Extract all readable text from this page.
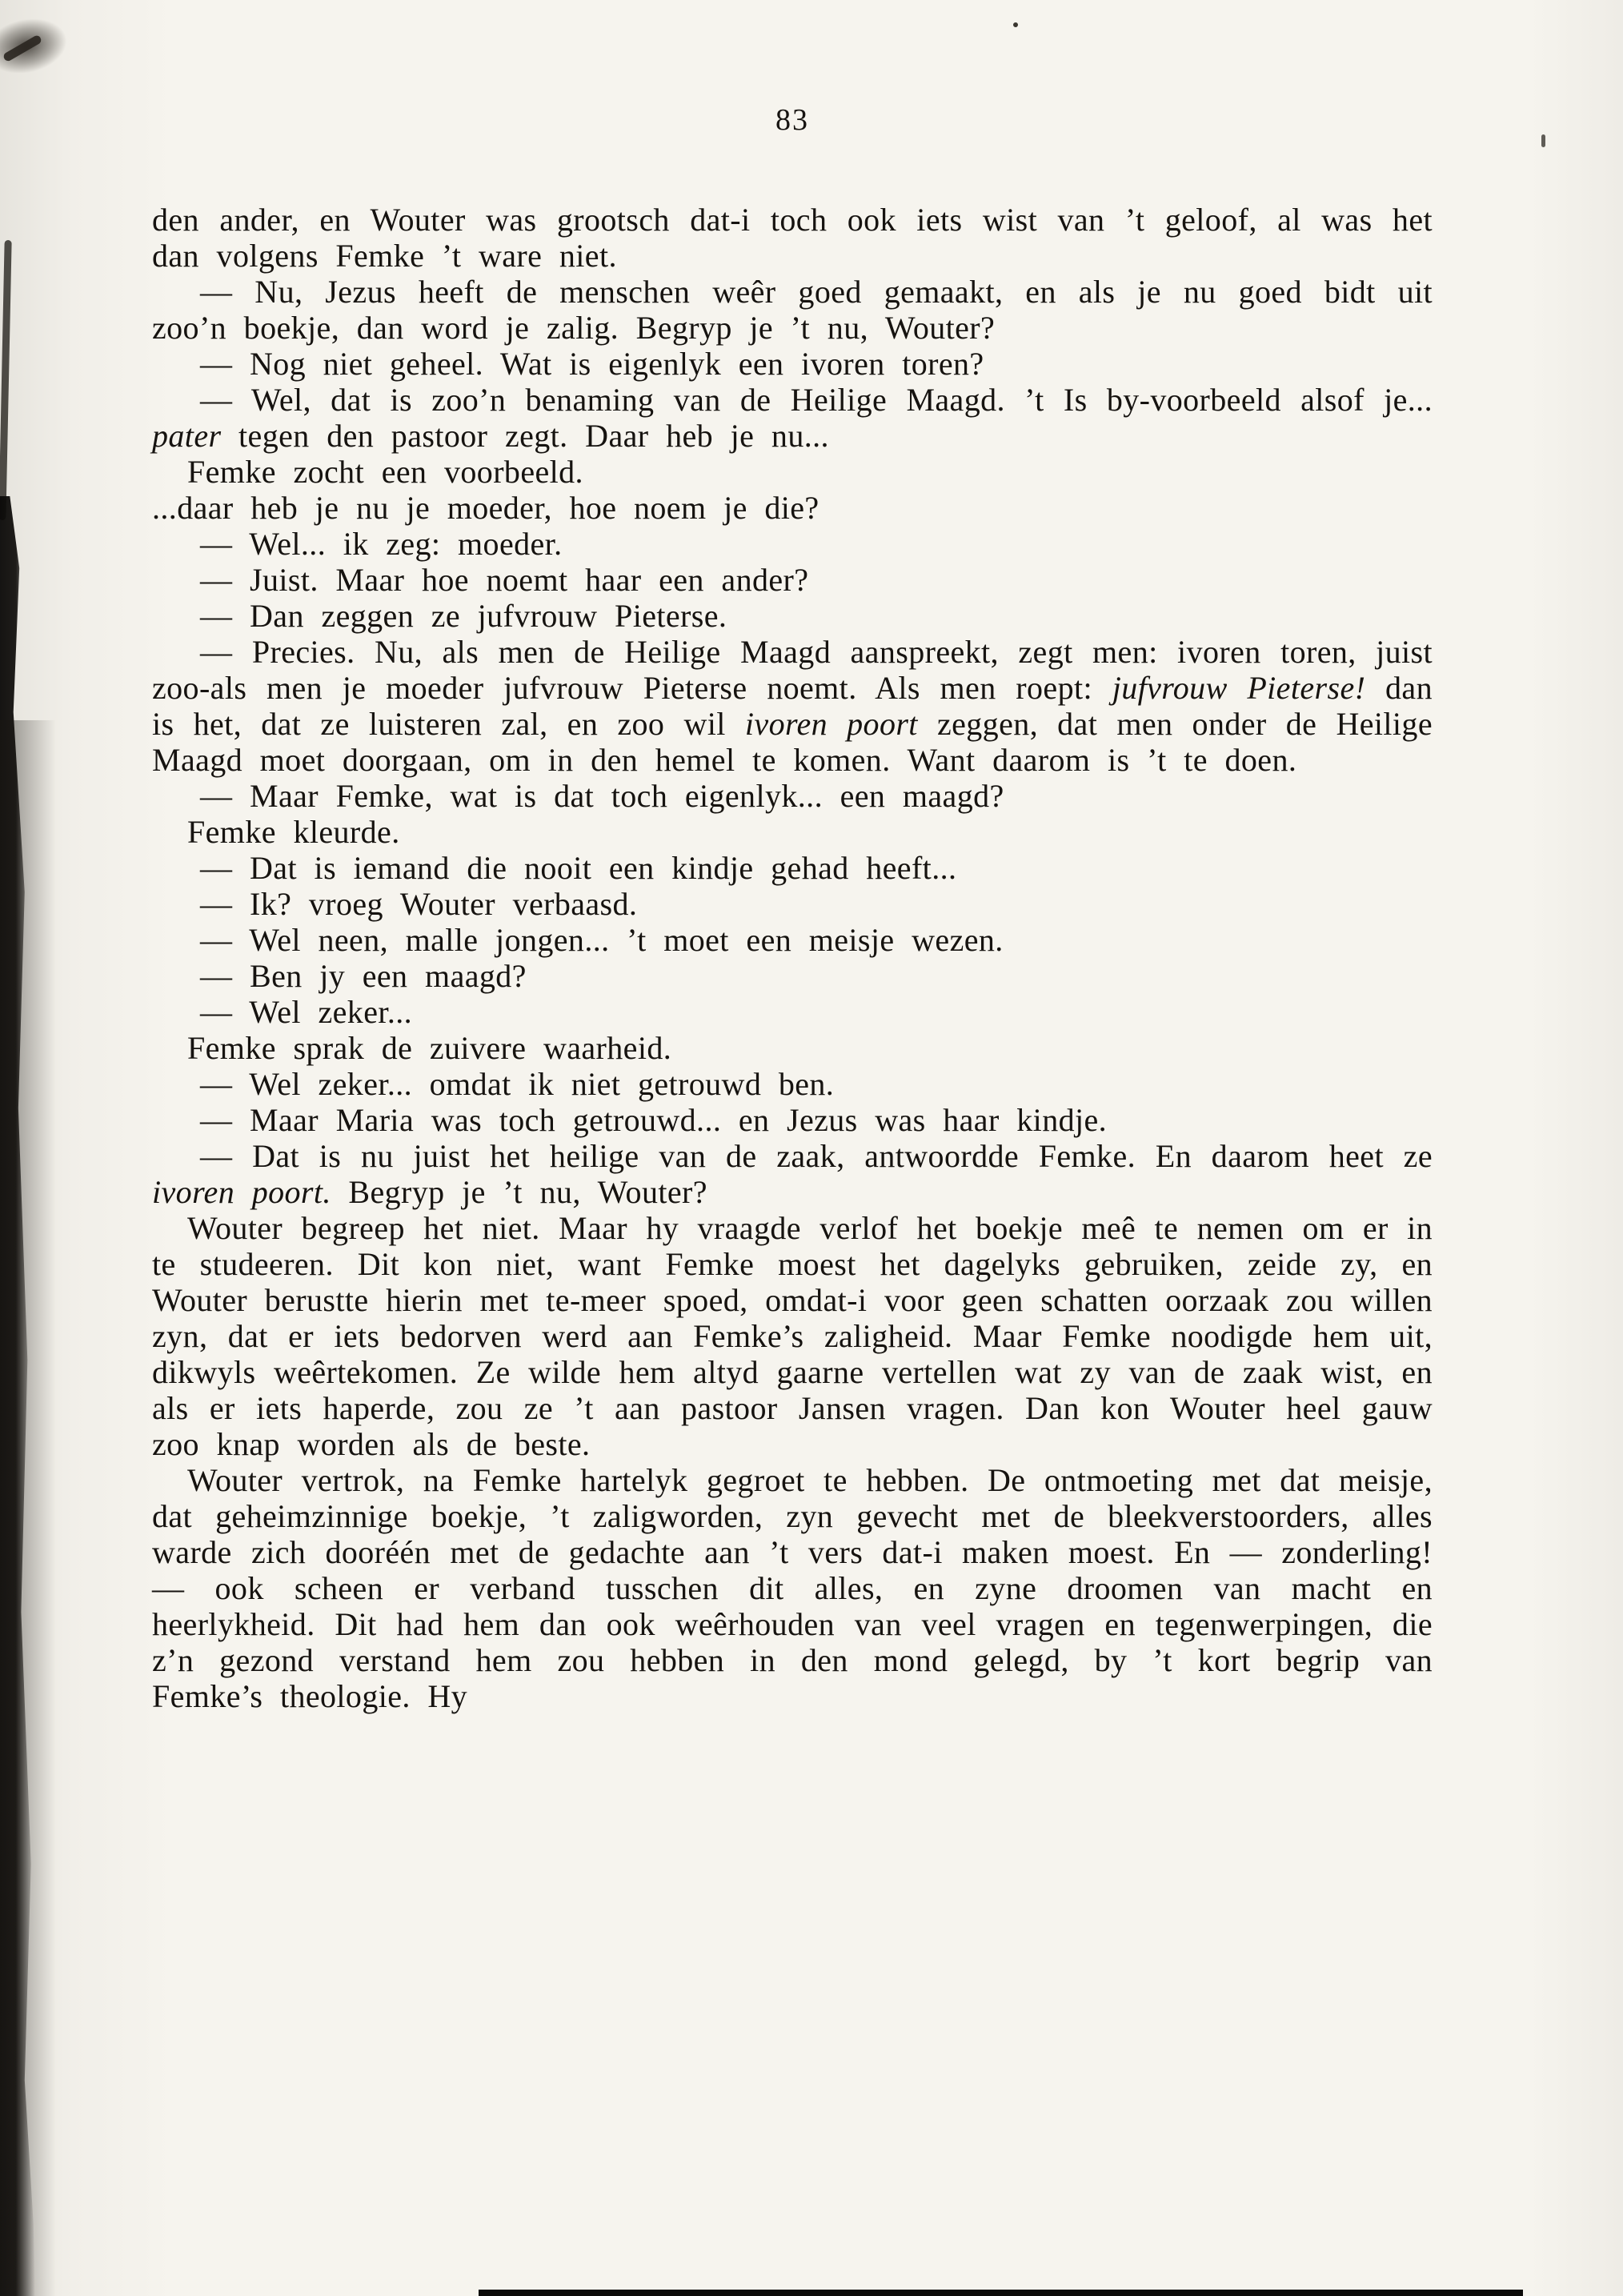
83

den ander, en Wouter was grootsch dat-i toch ook iets wist van ’t geloof, al was het dan volgens Femke ’t ware niet.

— Nu, Jezus heeft de menschen weêr goed gemaakt, en als je nu goed bidt uit zoo’n boekje, dan word je zalig. Begryp je ’t nu, Wouter?

— Nog niet geheel. Wat is eigenlyk een ivoren toren?

— Wel, dat is zoo’n benaming van de Heilige Maagd. ’t Is by-voorbeeld alsof je... pater tegen den pastoor zegt. Daar heb je nu...

Femke zocht een voorbeeld.

...daar heb je nu je moeder, hoe noem je die?

— Wel... ik zeg: moeder.

— Juist. Maar hoe noemt haar een ander?

— Dan zeggen ze jufvrouw Pieterse.

— Precies. Nu, als men de Heilige Maagd aanspreekt, zegt men: ivoren toren, juist zoo-als men je moeder jufvrouw Pieterse noemt. Als men roept: jufvrouw Pieterse! dan is het, dat ze luisteren zal, en zoo wil ivoren poort zeggen, dat men onder de Heilige Maagd moet doorgaan, om in den hemel te komen. Want daarom is ’t te doen.

— Maar Femke, wat is dat toch eigenlyk... een maagd?

Femke kleurde.

— Dat is iemand die nooit een kindje gehad heeft...

— Ik? vroeg Wouter verbaasd.

— Wel neen, malle jongen... ’t moet een meisje wezen.

— Ben jy een maagd?

— Wel zeker...

Femke sprak de zuivere waarheid.

— Wel zeker... omdat ik niet getrouwd ben.

— Maar Maria was toch getrouwd... en Jezus was haar kindje.

— Dat is nu juist het heilige van de zaak, antwoordde Femke. En daarom heet ze ivoren poort. Begryp je ’t nu, Wouter?

Wouter begreep het niet. Maar hy vraagde verlof het boekje meê te nemen om er in te studeeren. Dit kon niet, want Femke moest het dagelyks gebruiken, zeide zy, en Wouter berustte hierin met te-meer spoed, omdat-i voor geen schatten oorzaak zou willen zyn, dat er iets bedorven werd aan Femke’s zaligheid. Maar Femke noodigde hem uit, dikwyls weêrtekomen. Ze wilde hem altyd gaarne vertellen wat zy van de zaak wist, en als er iets haperde, zou ze ’t aan pastoor Jansen vragen. Dan kon Wouter heel gauw zoo knap worden als de beste.

Wouter vertrok, na Femke hartelyk gegroet te hebben. De ontmoeting met dat meisje, dat geheimzinnige boekje, ’t zaligworden, zyn gevecht met de bleekverstoorders, alles warde zich dooréén met de gedachte aan ’t vers dat-i maken moest. En — zonderling! — ook scheen er verband tusschen dit alles, en zyne droomen van macht en heerlykheid. Dit had hem dan ook weêrhouden van veel vragen en tegenwerpingen, die z’n gezond verstand hem zou hebben in den mond gelegd, by ’t kort begrip van Femke’s theologie. Hy
